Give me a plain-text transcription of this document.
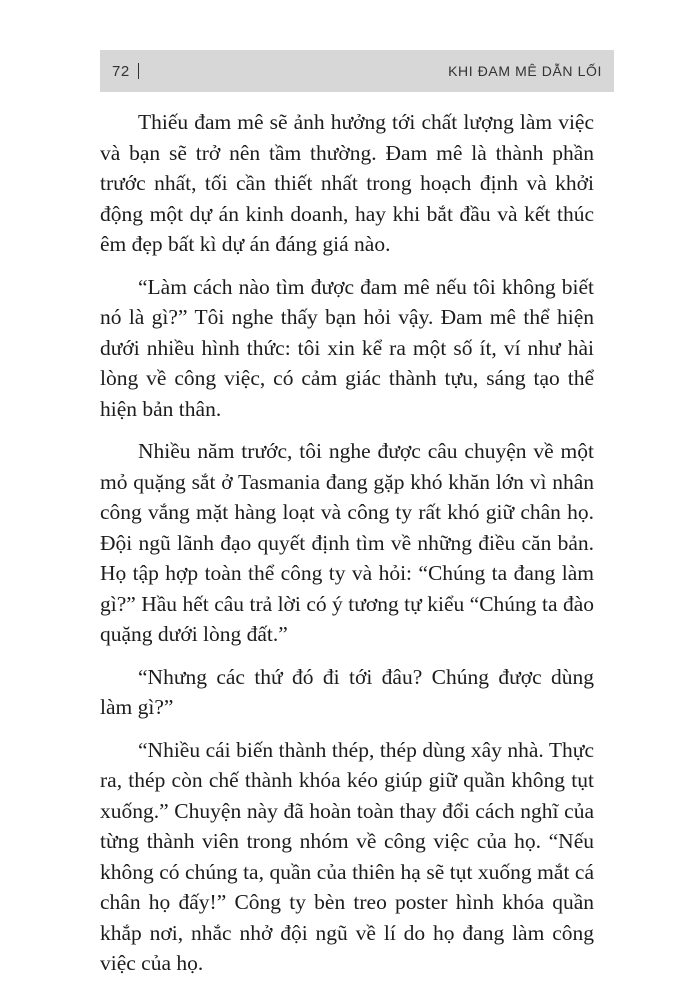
72	KHI ĐAM MÊ DẪN LỐI

Thiếu đam mê sẽ ảnh hưởng tới chất lượng làm việc và bạn sẽ trở nên tầm thường. Đam mê là thành phần trước nhất, tối cần thiết nhất trong hoạch định và khởi động một dự án kinh doanh, hay khi bắt đầu và kết thúc êm đẹp bất kì dự án đáng giá nào.

“Làm cách nào tìm được đam mê nếu tôi không biết nó là gì?” Tôi nghe thấy bạn hỏi vậy. Đam mê thể hiện dưới nhiều hình thức: tôi xin kể ra một số ít, ví như hài lòng về công việc, có cảm giác thành tựu, sáng tạo thể hiện bản thân.

Nhiều năm trước, tôi nghe được câu chuyện về một mỏ quặng sắt ở Tasmania đang gặp khó khăn lớn vì nhân công vắng mặt hàng loạt và công ty rất khó giữ chân họ. Đội ngũ lãnh đạo quyết định tìm về những điều căn bản. Họ tập hợp toàn thể công ty và hỏi: “Chúng ta đang làm gì?” Hầu hết câu trả lời có ý tương tự kiểu “Chúng ta đào quặng dưới lòng đất.”

“Nhưng các thứ đó đi tới đâu? Chúng được dùng làm gì?”

“Nhiều cái biến thành thép, thép dùng xây nhà. Thực ra, thép còn chế thành khóa kéo giúp giữ quần không tụt xuống.” Chuyện này đã hoàn toàn thay đổi cách nghĩ của từng thành viên trong nhóm về công việc của họ. “Nếu không có chúng ta, quần của thiên hạ sẽ tụt xuống mắt cá chân họ đấy!” Công ty bèn treo poster hình khóa quần khắp nơi, nhắc nhở đội ngũ về lí do họ đang làm công việc của họ.
